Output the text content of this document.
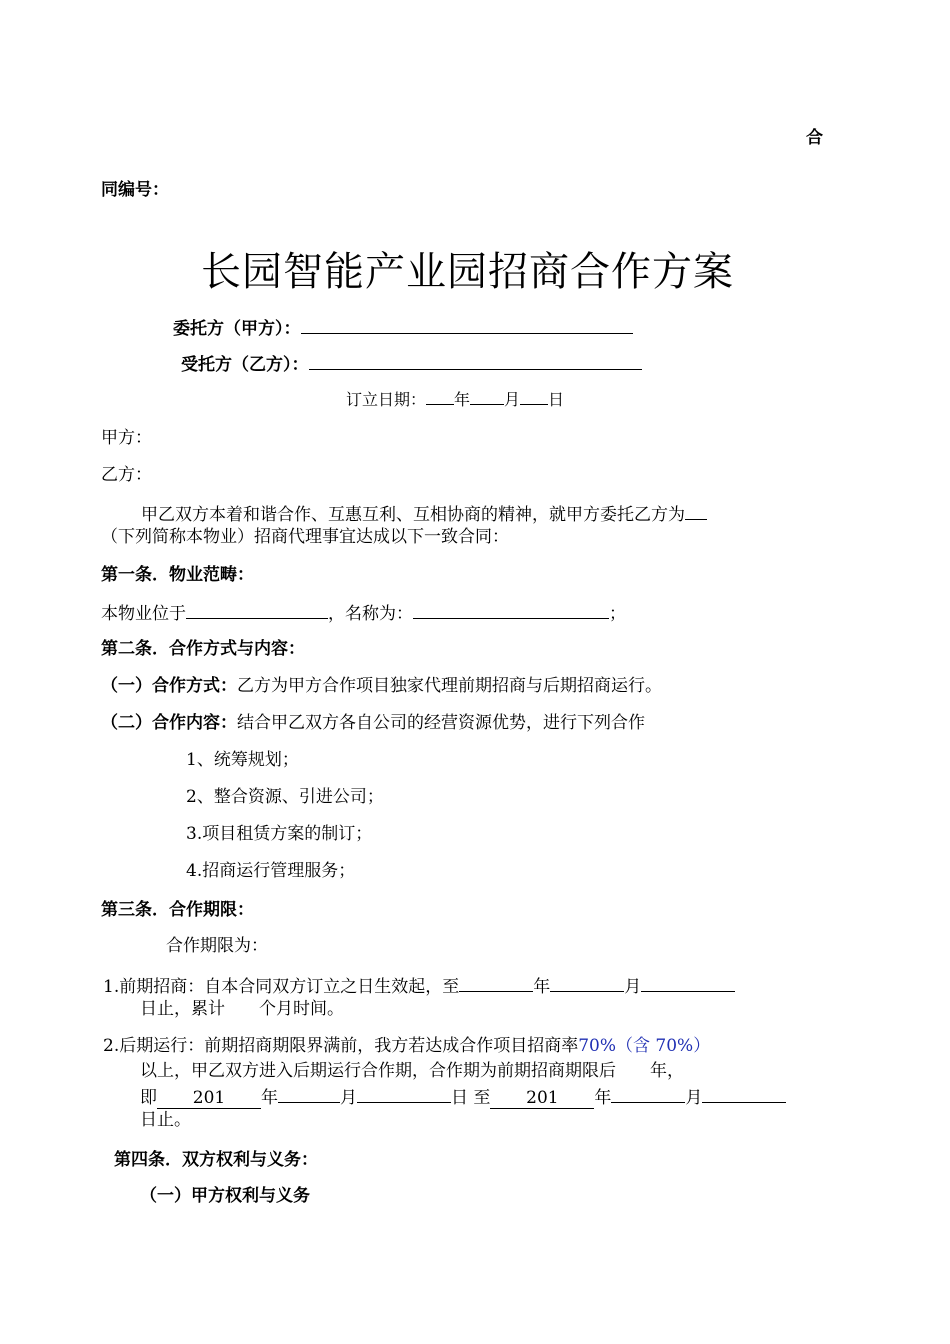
合
同编号：
长园智能产业园招商合作方案
委托方（甲方）：
受托方（乙方）：
订立日期： 年 月 日
甲方：
乙方：
甲乙双方本着和谐合作、互惠互利、互相协商的精神，就甲方委托乙方为
（下列简称本物业）招商代理事宜达成以下一致合同：
第一条．物业范畴：
本物业位于	，名称为：	；
第二条．合作方式与内容：
（一）合作方式：乙方为甲方合作项目独家代理前期招商与后期招商运行。
（二）合作内容：结合甲乙双方各自公司的经营资源优势，进行下列合作
1、统筹规划；
2、整合资源、引进公司；
3.项目租赁方案的制订；
4.招商运行管理服务；
第三条．合作期限：
合作期限为：
1.前期招商：自本合同双方订立之日生效起，至	年	月
日止，累计　　个月时间。
2.后期运行：前期招商期限界满前，我方若达成合作项目招商率70%（含 70%）
以上，甲乙双方进入后期运行合作期，合作期为前期招商期限后　　年，
即 201 年	月	日 至 201 年	月
日止。
第四条．双方权利与义务：
（一）甲方权利与义务
